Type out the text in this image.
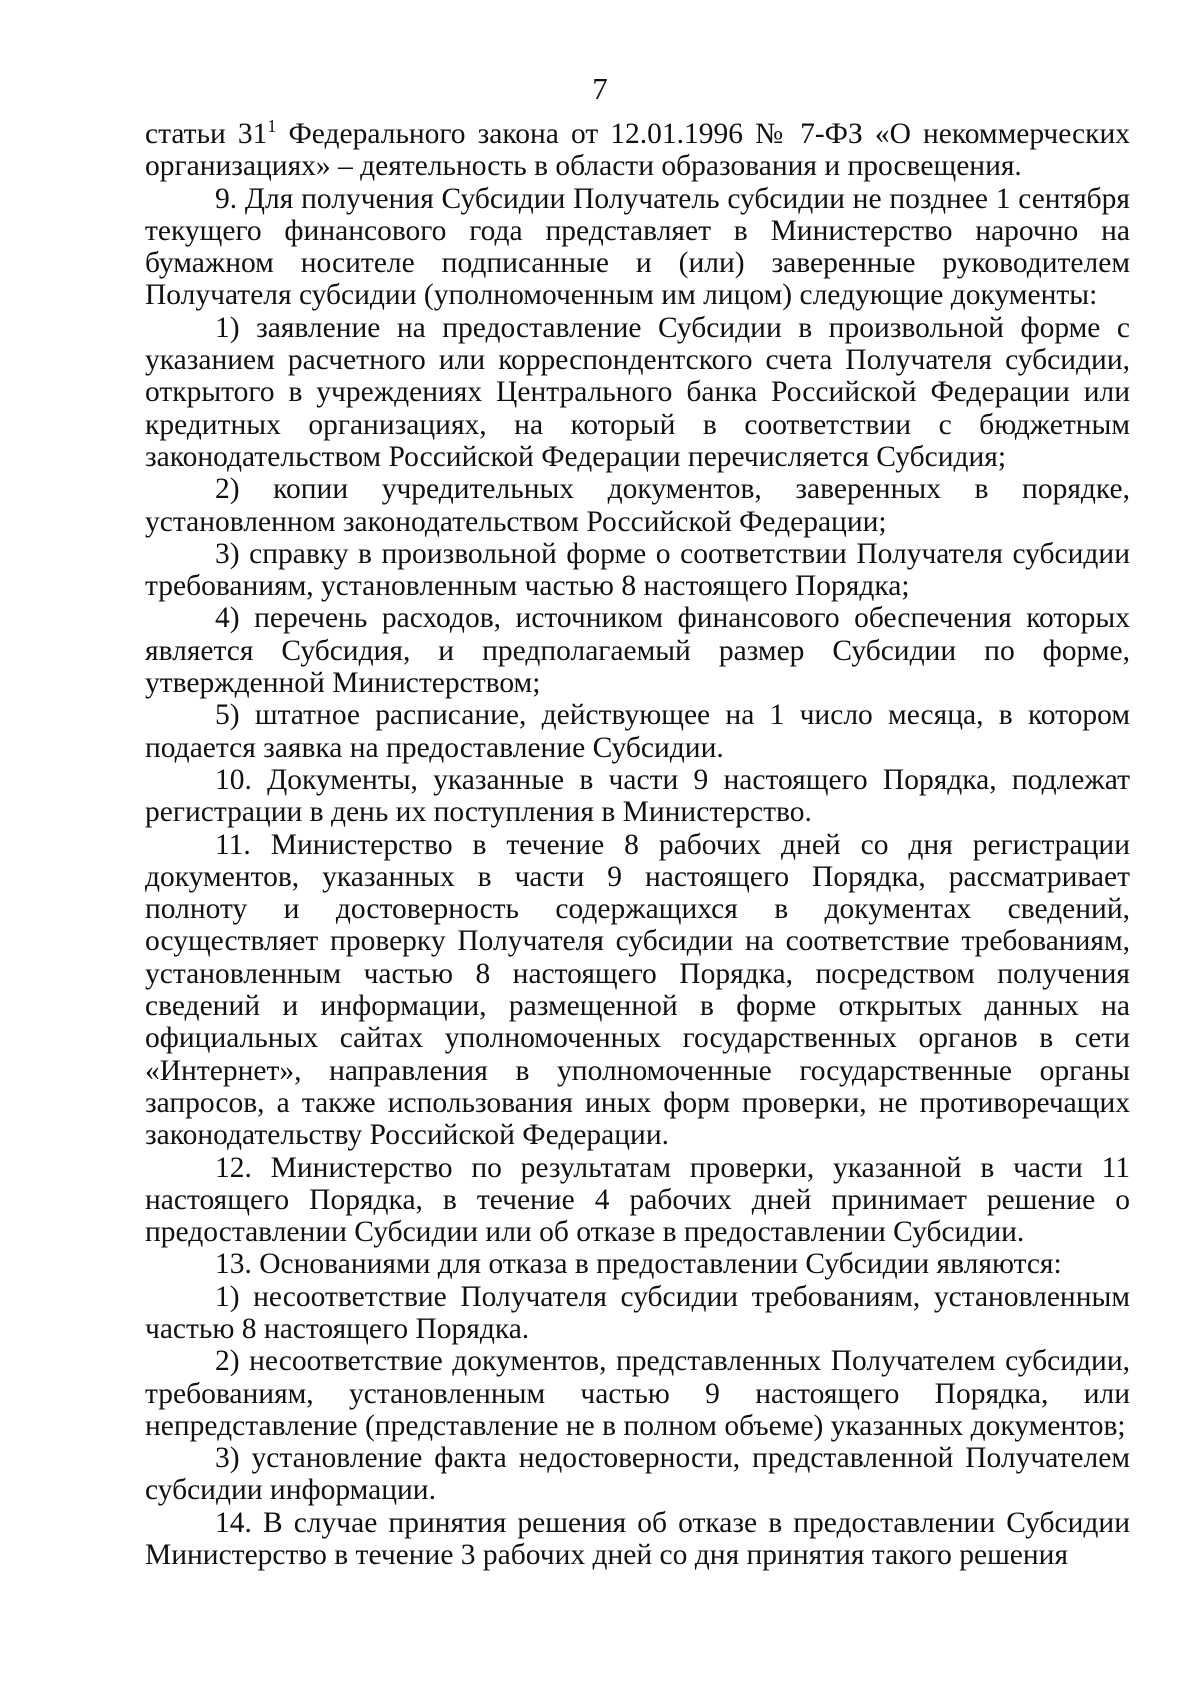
7

статьи $31^1$ Федерального закона от 12.01.1996 № 7-ФЗ «О некоммерческих организациях» – деятельность в области образования и просвещения.

9. Для получения Субсидии Получатель субсидии не позднее 1 сентября текущего финансового года представляет в Министерство нарочно на бумажном носителе подписанные и (или) заверенные руководителем Получателя субсидии (уполномоченным им лицом) следующие документы:

1) заявление на предоставление Субсидии в произвольной форме с указанием расчетного или корреспондентского счета Получателя субсидии, открытого в учреждениях Центрального банка Российской Федерации или кредитных организациях, на который в соответствии с бюджетным законодательством Российской Федерации перечисляется Субсидия;

2) копии учредительных документов, заверенных в порядке, установленном законодательством Российской Федерации;

3) справку в произвольной форме о соответствии Получателя субсидии требованиям, установленным частью 8 настоящего Порядка;

4) перечень расходов, источником финансового обеспечения которых является Субсидия, и предполагаемый размер Субсидии по форме, утвержденной Министерством;

5) штатное расписание, действующее на 1 число месяца, в котором подается заявка на предоставление Субсидии.

10. Документы, указанные в части 9 настоящего Порядка, подлежат регистрации в день их поступления в Министерство.

11. Министерство в течение 8 рабочих дней со дня регистрации документов, указанных в части 9 настоящего Порядка, рассматривает полноту и достоверность содержащихся в документах сведений, осуществляет проверку Получателя субсидии на соответствие требованиям, установленным частью 8 настоящего Порядка, посредством получения сведений и информации, размещенной в форме открытых данных на официальных сайтах уполномоченных государственных органов в сети «Интернет», направления в уполномоченные государственные органы запросов, а также использования иных форм проверки, не противоречащих законодательству Российской Федерации.

12. Министерство по результатам проверки, указанной в части 11 настоящего Порядка, в течение 4 рабочих дней принимает решение о предоставлении Субсидии или об отказе в предоставлении Субсидии.

13. Основаниями для отказа в предоставлении Субсидии являются:

1) несоответствие Получателя субсидии требованиям, установленным частью 8 настоящего Порядка.

2) несоответствие документов, представленных Получателем субсидии, требованиям, установленным частью 9 настоящего Порядка, или непредставление (представление не в полном объеме) указанных документов;

3) установление факта недостоверности, представленной Получателем субсидии информации.

14. В случае принятия решения об отказе в предоставлении Субсидии Министерство в течение 3 рабочих дней со дня принятия такого решения
